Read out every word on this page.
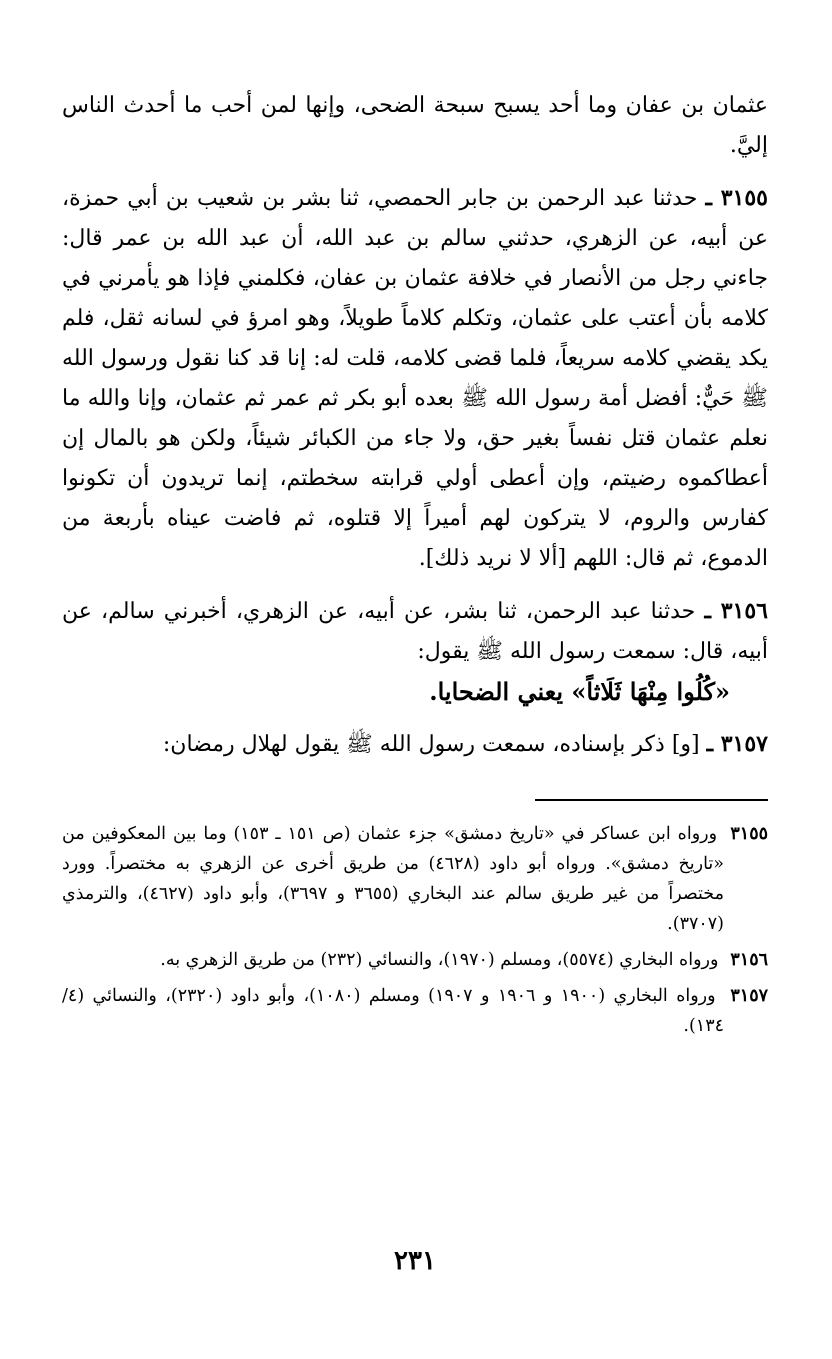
عثمان بن عفان وما أحد يسبح سبحة الضحى، وإنها لمن أحب ما أحدث الناس إليَّ.

٣١٥٥ ـ حدثنا عبد الرحمن بن جابر الحمصي، ثنا بشر بن شعيب بن أبي حمزة، عن أبيه، عن الزهري، حدثني سالم بن عبد الله، أن عبد الله بن عمر قال: جاءني رجل من الأنصار في خلافة عثمان بن عفان، فكلمني فإذا هو يأمرني في كلامه بأن أعتب على عثمان، وتكلم كلاماً طويلاً، وهو امرؤ في لسانه ثقل، فلم يكد يقضي كلامه سريعاً، فلما قضى كلامه، قلت له: إنا قد كنا نقول ورسول الله ﷺ حَيٌّ: أفضل أمة رسول الله ﷺ بعده أبو بكر ثم عمر ثم عثمان، وإنا والله ما نعلم عثمان قتل نفساً بغير حق، ولا جاء من الكبائر شيئاً، ولكن هو بالمال إن أعطاكموه رضيتم، وإن أعطى أولي قرابته سخطتم، إنما تريدون أن تكونوا كفارس والروم، لا يتركون لهم أميراً إلا قتلوه، ثم فاضت عيناه بأربعة من الدموع، ثم قال: اللهم [ألا لا نريد ذلك].

٣١٥٦ ـ حدثنا عبد الرحمن، ثنا بشر، عن أبيه، عن الزهري، أخبرني سالم، عن أبيه، قال: سمعت رسول الله ﷺ يقول:

«كُلُوا مِنْهَا ثَلَاثاً» يعني الضحايا.

٣١٥٧ ـ [و] ذكر بإسناده، سمعت رسول الله ﷺ يقول لهلال رمضان:

٣١٥٥ ورواه ابن عساكر في «تاريخ دمشق» جزء عثمان (ص ١٥١ ـ ١٥٣) وما بين المعكوفين من «تاريخ دمشق». ورواه أبو داود (٤٦٢٨) من طريق أخرى عن الزهري به مختصراً. وورد مختصراً من غير طريق سالم عند البخاري (٣٦٥٥ و ٣٦٩٧)، وأبو داود (٤٦٢٧)، والترمذي (٣٧٠٧).

٣١٥٦ ورواه البخاري (٥٥٧٤)، ومسلم (١٩٧٠)، والنسائي (٢٣٢) من طريق الزهري به.

٣١٥٧ ورواه البخاري (١٩٠٠ و ١٩٠٦ و ١٩٠٧) ومسلم (١٠٨٠)، وأبو داود (٢٣٢٠)، والنسائي (٤/ ١٣٤).

٢٣١
